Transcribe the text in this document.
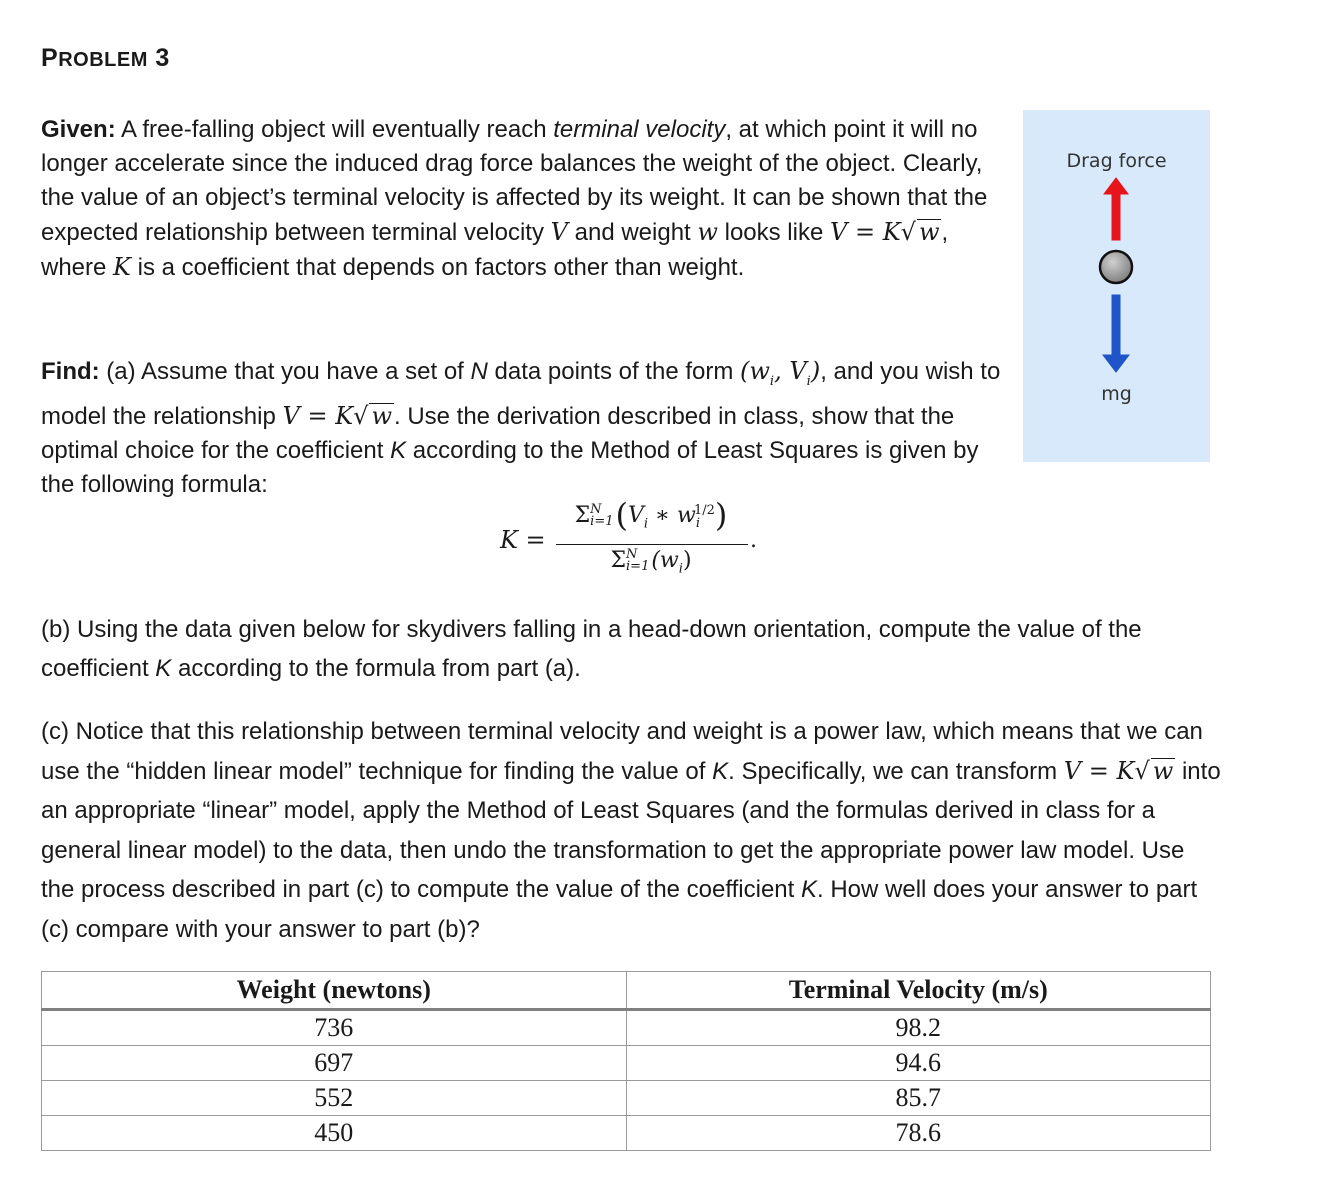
PROBLEM 3

Given: A free-falling object will eventually reach terminal velocity, at which point it will no longer accelerate since the induced drag force balances the weight of the object. Clearly, the value of an object’s terminal velocity is affected by its weight. It can be shown that the expected relationship between terminal velocity V and weight w looks like V = K√ w, where K is a coefficient that depends on factors other than weight.

Find: (a) Assume that you have a set of N data points of the form ($w_i$, $V_i$), and you wish to model the relationship V = K√ w. Use the derivation described in class, show that the optimal choice for the coefficient K according to the Method of Least Squares is given by the following formula:

K =
ΣN
$i=1(V_i$ ∗ $w_i^{1/2}$)
ΣN
$i=1(w_i)$
.

(b) Using the data given below for skydivers falling in a head-down orientation, compute the value of the coefficient K according to the formula from part (a).

(c) Notice that this relationship between terminal velocity and weight is a power law, which means that we can use the “hidden linear model” technique for finding the value of K. Specifically, we can transform V = K√ w into an appropriate “linear” model, apply the Method of Least Squares (and the formulas derived in class for a general linear model) to the data, then undo the transformation to get the appropriate power law model. Use the process described in part (c) to compute the value of the coefficient K. How well does your answer to part (c) compare with your answer to part (b)?

Drag force
mg
Weight (newtons)	Terminal Velocity (m/s)
736	98.2
697	94.6
552	85.7
450	78.6
